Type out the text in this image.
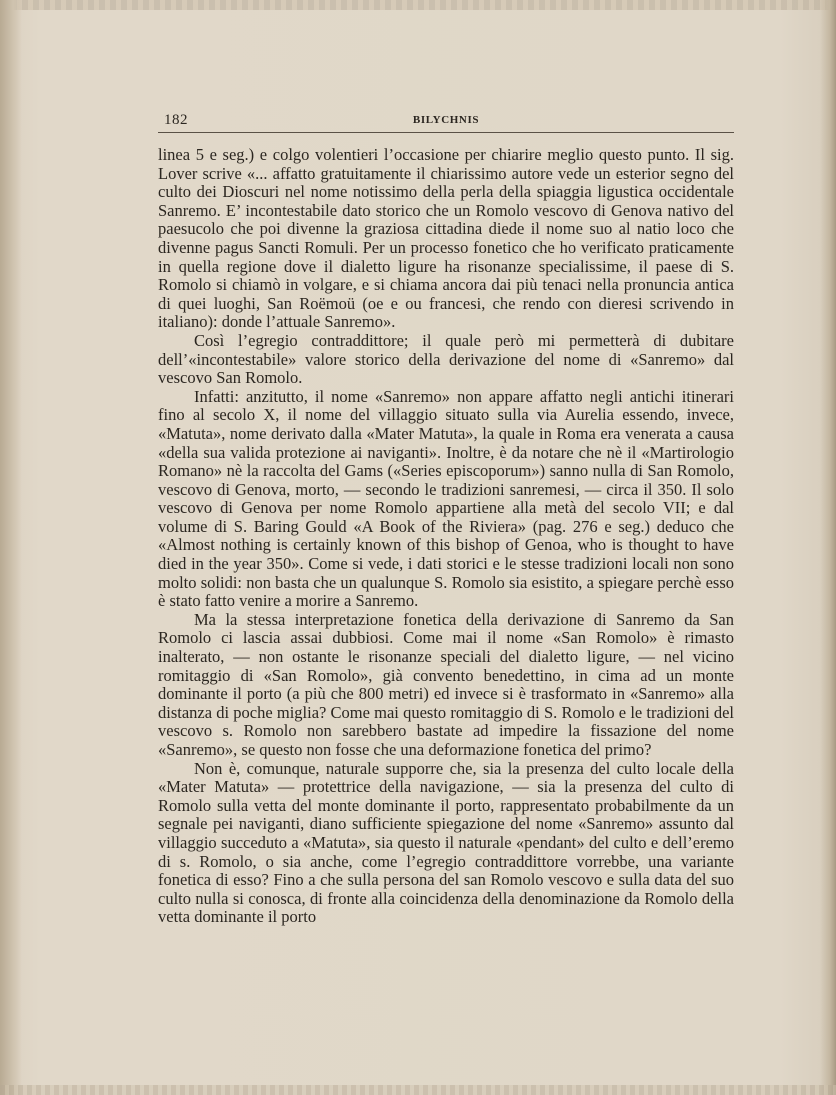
182	BILYCHNIS

linea 5 e seg.) e colgo volentieri l’occasione per chiarire meglio questo punto. Il sig. Lover scrive «... affatto gratuitamente il chiarissimo autore vede un esterior segno del culto dei Dioscuri nel nome notissimo della perla della spiaggia ligustica occidentale Sanremo. E’ incontestabile dato storico che un Romolo vescovo di Genova nativo del paesucolo che poi divenne la graziosa cittadina diede il nome suo al natio loco che divenne pagus Sancti Romuli. Per un processo fonetico che ho verificato praticamente in quella regione dove il dialetto ligure ha risonanze specialissime, il paese di S. Romolo si chiamò in volgare, e si chiama ancora dai più tenaci nella pronuncia antica di quei luoghi, San Roëmoü (oe e ou francesi, che rendo con dieresi scrivendo in italiano): donde l’attuale Sanremo».

Così l’egregio contraddittore; il quale però mi permetterà di dubitare dell’«incontestabile» valore storico della derivazione del nome di «Sanremo» dal vescovo San Romolo.

Infatti: anzitutto, il nome «Sanremo» non appare affatto negli antichi itinerari fino al secolo X, il nome del villaggio situato sulla via Aurelia essendo, invece, «Matuta», nome derivato dalla «Mater Matuta», la quale in Roma era venerata a causa «della sua valida protezione ai naviganti». Inoltre, è da notare che nè il «Martirologio Romano» nè la raccolta del Gams («Series episcoporum») sanno nulla di San Romolo, vescovo di Genova, morto, — secondo le tradizioni sanremesi, — circa il 350. Il solo vescovo di Genova per nome Romolo appartiene alla metà del secolo VII; e dal volume di S. Baring Gould «A Book of the Riviera» (pag. 276 e seg.) deduco che «Almost nothing is certainly known of this bishop of Genoa, who is thought to have died in the year 350». Come si vede, i dati storici e le stesse tradizioni locali non sono molto solidi: non basta che un qualunque S. Romolo sia esistito, a spiegare perchè esso è stato fatto venire a morire a Sanremo.

Ma la stessa interpretazione fonetica della derivazione di Sanremo da San Romolo ci lascia assai dubbiosi. Come mai il nome «San Romolo» è rimasto inalterato, — non ostante le risonanze speciali del dialetto ligure, — nel vicino romitaggio di «San Romolo», già convento benedettino, in cima ad un monte dominante il porto (a più che 800 metri) ed invece si è trasformato in «Sanremo» alla distanza di poche miglia? Come mai questo romitaggio di S. Romolo e le tradizioni del vescovo s. Romolo non sarebbero bastate ad impedire la fissazione del nome «Sanremo», se questo non fosse che una deformazione fonetica del primo?

Non è, comunque, naturale supporre che, sia la presenza del culto locale della «Mater Matuta» — protettrice della navigazione, — sia la presenza del culto di Romolo sulla vetta del monte dominante il porto, rappresentato probabilmente da un segnale pei naviganti, diano sufficiente spiegazione del nome «Sanremo» assunto dal villaggio succeduto a «Matuta», sia questo il naturale «pendant» del culto e dell’eremo di s. Romolo, o sia anche, come l’egregio contraddittore vorrebbe, una variante fonetica di esso? Fino a che sulla persona del san Romolo vescovo e sulla data del suo culto nulla si conosca, di fronte alla coincidenza della denominazione da Romolo della vetta dominante il porto
